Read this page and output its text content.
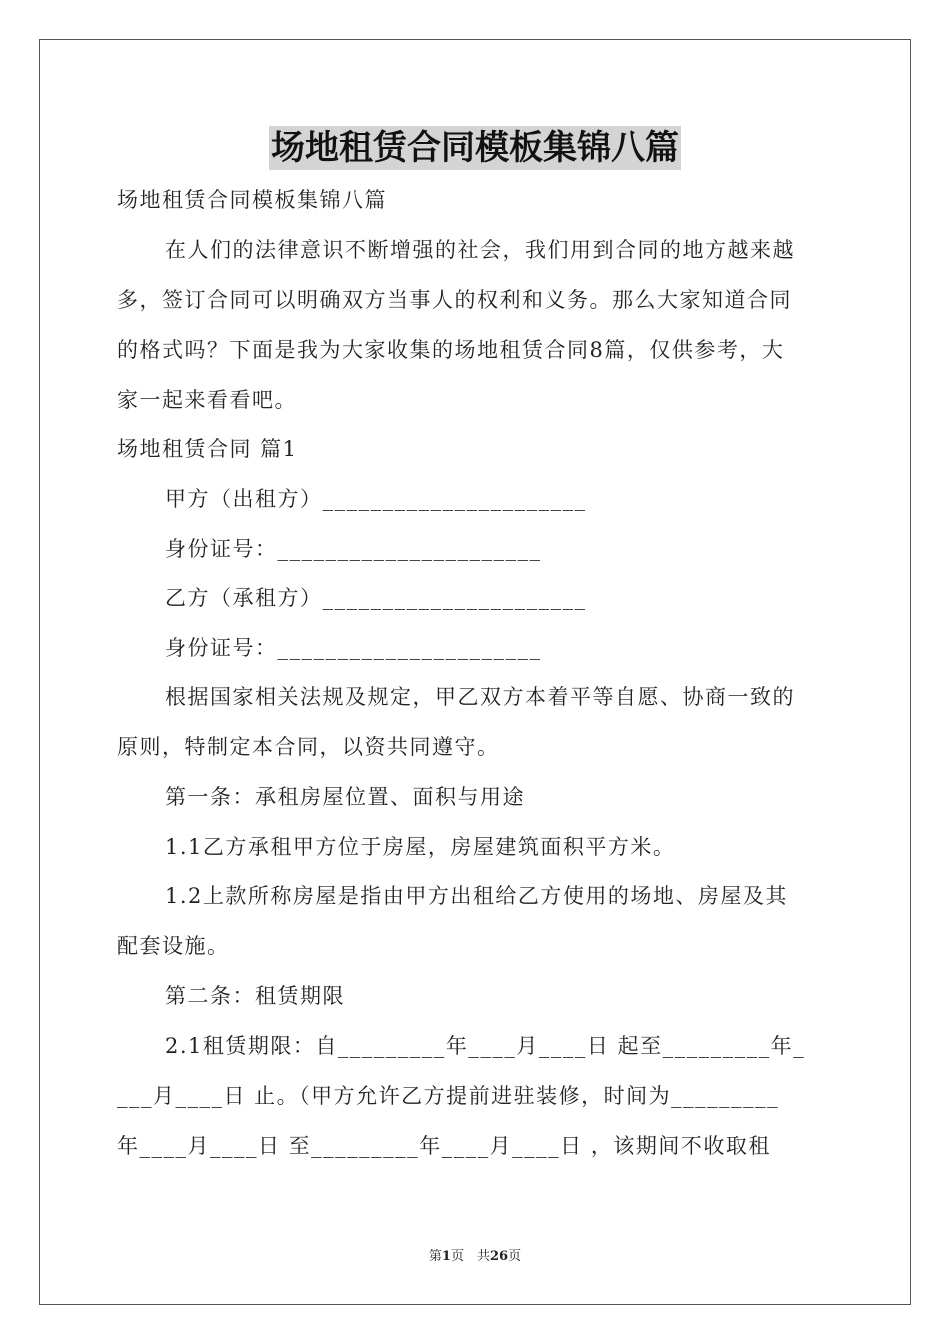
场地租赁合同模板集锦八篇
场地租赁合同模板集锦八篇
在人们的法律意识不断增强的社会，我们用到合同的地方越来越
多，签订合同可以明确双方当事人的权利和义务。那么大家知道合同
的格式吗？下面是我为大家收集的场地租赁合同8篇，仅供参考，大
家一起来看看吧。
场地租赁合同 篇1
甲方（出租方）______________________
身份证号：______________________
乙方（承租方）______________________
身份证号：______________________
根据国家相关法规及规定，甲乙双方本着平等自愿、协商一致的
原则，特制定本合同，以资共同遵守。
第一条：承租房屋位置、面积与用途
1.1乙方承租甲方位于房屋，房屋建筑面积平方米。
1.2上款所称房屋是指由甲方出租给乙方使用的场地、房屋及其
配套设施。
第二条：租赁期限
2.1租赁期限：自_________年____月____日 起至_________年_
___月____日 止。（甲方允许乙方提前进驻装修，时间为_________
年____月____日 至_________年____月____日 ，该期间不收取租
第1页　共26页
